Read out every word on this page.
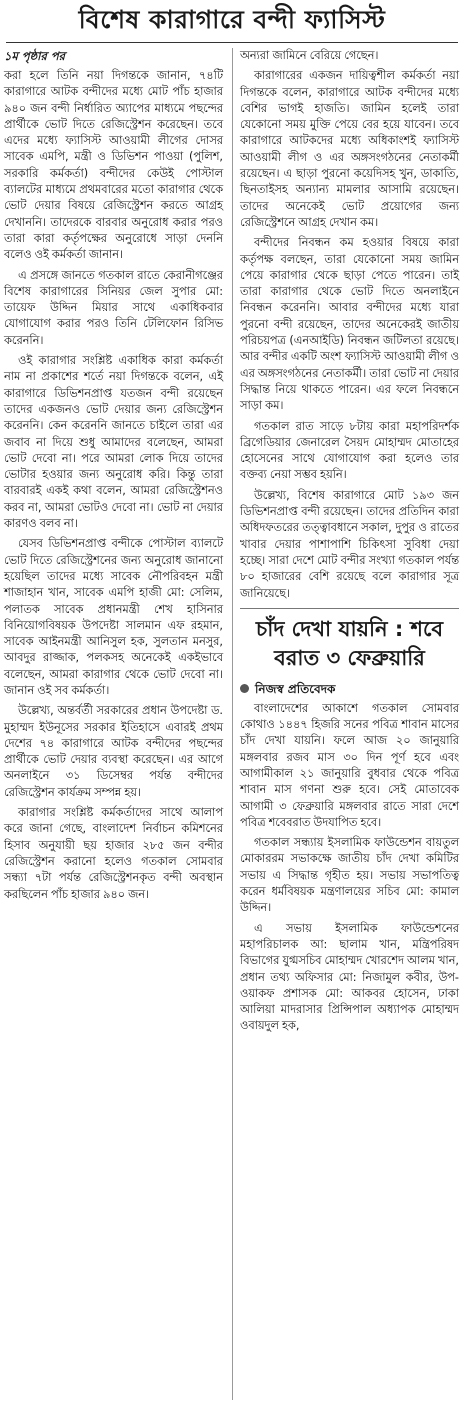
বিশেষ কারাগারে বন্দী ফ্যাসিস্ট
১ম পৃষ্ঠার পর

করা হলে তিনি নয়া দিগন্তকে জানান, ৭৪টি কারাগারে আটক বন্দীদের মধ্যে মোট পাঁচ হাজার ৯৪০ জন বন্দী নির্ধারিত অ্যাপের মাধ্যমে পছন্দের প্রার্থীকে ভোট দিতে রেজিস্ট্রেশন করেছেন। তবে এদের মধ্যে ফ্যাসিস্ট আওয়ামী লীগের দোসর সাবেক এমপি, মন্ত্রী ও ডিভিশন পাওয়া (পুলিশ, সরকারি কর্মকর্তা) বন্দীদের কেউই পোস্টাল ব্যালটের মাধ্যমে প্রথমবারের মতো কারাগার থেকে ভোট দেয়ার বিষয়ে রেজিস্ট্রেশন করতে আগ্রহ দেখাননি। তাদেরকে বারবার অনুরোধ করার পরও তারা কারা কর্তৃপক্ষের অনুরোধে সাড়া দেননি বলেও ওই কর্মকর্তা জানান।

এ প্রসঙ্গে জানতে গতকাল রাতে কেরানীগঞ্জের বিশেষ কারাগারের সিনিয়র জেল সুপার মো: তায়েফ উদ্দিন মিয়ার সাথে একাধিকবার যোগাযোগ করার পরও তিনি টেলিফোন রিসিভ করেননি।

ওই কারাগার সংশ্লিষ্ট একাধিক কারা কর্মকর্তা নাম না প্রকাশের শর্তে নয়া দিগন্তকে বলেন, এই কারাগারে ডিভিশনপ্রাপ্ত যতজন বন্দী রয়েছেন তাদের একজনও ভোট দেয়ার জন্য রেজিস্ট্রেশন করেননি। কেন করেননি জানতে চাইলে তারা এর জবাব না দিয়ে শুধু আমাদের বলেছেন, আমরা ভোট দেবো না। পরে আমরা লোক দিয়ে তাদের ভোটার হওয়ার জন্য অনুরোধ করি। কিন্তু তারা বারবারই একই কথা বলেন, আমরা রেজিস্ট্রেশনও করব না, আমরা ভোটও দেবো না। ভোট না দেয়ার কারণও বলব না।

যেসব ডিভিশনপ্রাপ্ত বন্দীকে পোস্টাল ব্যালটে ভোট দিতে রেজিস্ট্রেশনের জন্য অনুরোধ জানানো হয়েছিল তাদের মধ্যে সাবেক নৌপরিবহন মন্ত্রী শাজাহান খান, সাবেক এমপি হাজী মো: সেলিম, পলাতক সাবেক প্রধানমন্ত্রী শেখ হাসিনার বিনিয়োগবিষয়ক উপদেষ্টা সালমান এফ রহমান, সাবেক আইনমন্ত্রী আনিসুল হক, সুলতান মনসুর, আবদুর রাজ্জাক, পলকসহ অনেকেই একইভাবে বলেছেন, আমরা কারাগার থেকে ভোট দেবো না। জানান ওই সব কর্মকর্তা।

উল্লেখ্য, অন্তর্বর্তী সরকারের প্রধান উপদেষ্টা ড. মুহাম্মদ ইউনূসের সরকার ইতিহাসে এবারই প্রথম দেশের ৭৪ কারাগারে আটক বন্দীদের পছন্দের প্রার্থীকে ভোট দেয়ার ব্যবস্থা করেছেন। এর আগে অনলাইনে ৩১ ডিসেম্বর পর্যন্ত বন্দীদের রেজিস্ট্রেশন কার্যক্রম সম্পন্ন হয়।

কারাগার সংশ্লিষ্ট কর্মকর্তাদের সাথে আলাপ করে জানা গেছে, বাংলাদেশ নির্বাচন কমিশনের হিসাব অনুযায়ী ছয় হাজার ২৮৫ জন বন্দীর রেজিস্ট্রেশন করানো হলেও গতকাল সোমবার সন্ধ্যা ৭টা পর্যন্ত রেজিস্ট্রেশনকৃত বন্দী অবস্থান করছিলেন পাঁচ হাজার ৯৪০ জন।

অন্যরা জামিনে বেরিয়ে গেছেন।

কারাগারের একজন দায়িত্বশীল কর্মকর্তা নয়া দিগন্তকে বলেন, কারাগারে আটক বন্দীদের মধ্যে বেশির ভাগই হাজতি। জামিন হলেই তারা যেকোনো সময় মুক্তি পেয়ে বের হয়ে যাবেন। তবে কারাগারে আটকদের মধ্যে অধিকাংশই ফ্যাসিস্ট আওয়ামী লীগ ও এর অঙ্গসংগঠনের নেতাকর্মী রয়েছেন। এ ছাড়া পুরনো কয়েদিসহ খুন, ডাকাতি, ছিনতাইসহ অন্যান্য মামলার আসামি রয়েছেন। তাদের অনেকেই ভোট প্রয়োগের জন্য রেজিস্ট্রেশনে আগ্রহ দেখান কম।

বন্দীদের নিবন্ধন কম হওয়ার বিষয়ে কারা কর্তৃপক্ষ বলছেন, তারা যেকোনো সময় জামিন পেয়ে কারাগার থেকে ছাড়া পেতে পারেন। তাই তারা কারাগার থেকে ভোট দিতে অনলাইনে নিবন্ধন করেননি। আবার বন্দীদের মধ্যে যারা পুরনো বন্দী রয়েছেন, তাদের অনেকেরই জাতীয় পরিচয়পত্র (এনআইডি) নিবন্ধন জটিলতা রয়েছে। আর বন্দীর একটি অংশ ফ্যাসিস্ট আওয়ামী লীগ ও এর অঙ্গসংগঠনের নেতাকর্মী। তারা ভোট না দেয়ার সিদ্ধান্ত নিয়ে থাকতে পারেন। এর ফলে নিবন্ধনে সাড়া কম।

গতকাল রাত সাড়ে ৮টায় কারা মহাপরিদর্শক ব্রিগেডিয়ার জেনারেল সৈয়দ মোহাম্মদ মোতাহের হোসেনের সাথে যোগাযোগ করা হলেও তার বক্তব্য নেয়া সম্ভব হয়নি।

উল্লেখ্য, বিশেষ কারাগারে মোট ১৯৩ জন ডিভিশনপ্রাপ্ত বন্দী রয়েছেন। তাদের প্রতিদিন কারা অধিদফতরের তত্ত্বাবধানে সকাল, দুপুর ও রাতের খাবার দেয়ার পাশাপাশি চিকিৎসা সুবিধা দেয়া হচ্ছে। সারা দেশে মোট বন্দীর সংখ্যা গতকাল পর্যন্ত ৮০ হাজারের বেশি রয়েছে বলে কারাগার সূত্র জানিয়েছে।

চাঁদ দেখা যায়নি : শবে বরাত ৩ ফেব্রুয়ারি
নিজস্ব প্রতিবেদক

বাংলাদেশের আকাশে গতকাল সোমবার কোথাও ১৪৪৭ হিজরি সনের পবিত্র শাবান মাসের চাঁদ দেখা যায়নি। ফলে আজ ২০ জানুয়ারি মঙ্গলবার রজব মাস ৩০ দিন পূর্ণ হবে এবং আগামীকাল ২১ জানুয়ারি বুধবার থেকে পবিত্র শাবান মাস গণনা শুরু হবে। সেই মোতাবেক আগামী ৩ ফেব্রুয়ারি মঙ্গলবার রাতে সারা দেশে পবিত্র শবেবরাত উদযাপিত হবে।

গতকাল সন্ধ্যায় ইসলামিক ফাউন্ডেশন বায়তুল মোকাররম সভাকক্ষে জাতীয় চাঁদ দেখা কমিটির সভায় এ সিদ্ধান্ত গৃহীত হয়। সভায় সভাপতিত্ব করেন ধর্মবিষয়ক মন্ত্রণালয়ের সচিব মো: কামাল উদ্দিন।

এ সভায় ইসলামিক ফাউন্ডেশনের মহাপরিচালক আ: ছালাম খান, মন্ত্রিপরিষদ বিভাগের যুগ্মসচিব মোহাম্মদ খোরশেদ আলম খান, প্রধান তথ্য অফিসার মো: নিজামুল কবীর, উপ-ওয়াকফ প্রশাসক মো: আকবর হোসেন, ঢাকা আলিয়া মাদরাসার প্রিন্সিপাল অধ্যাপক মোহাম্মদ ওবায়দুল হক,
